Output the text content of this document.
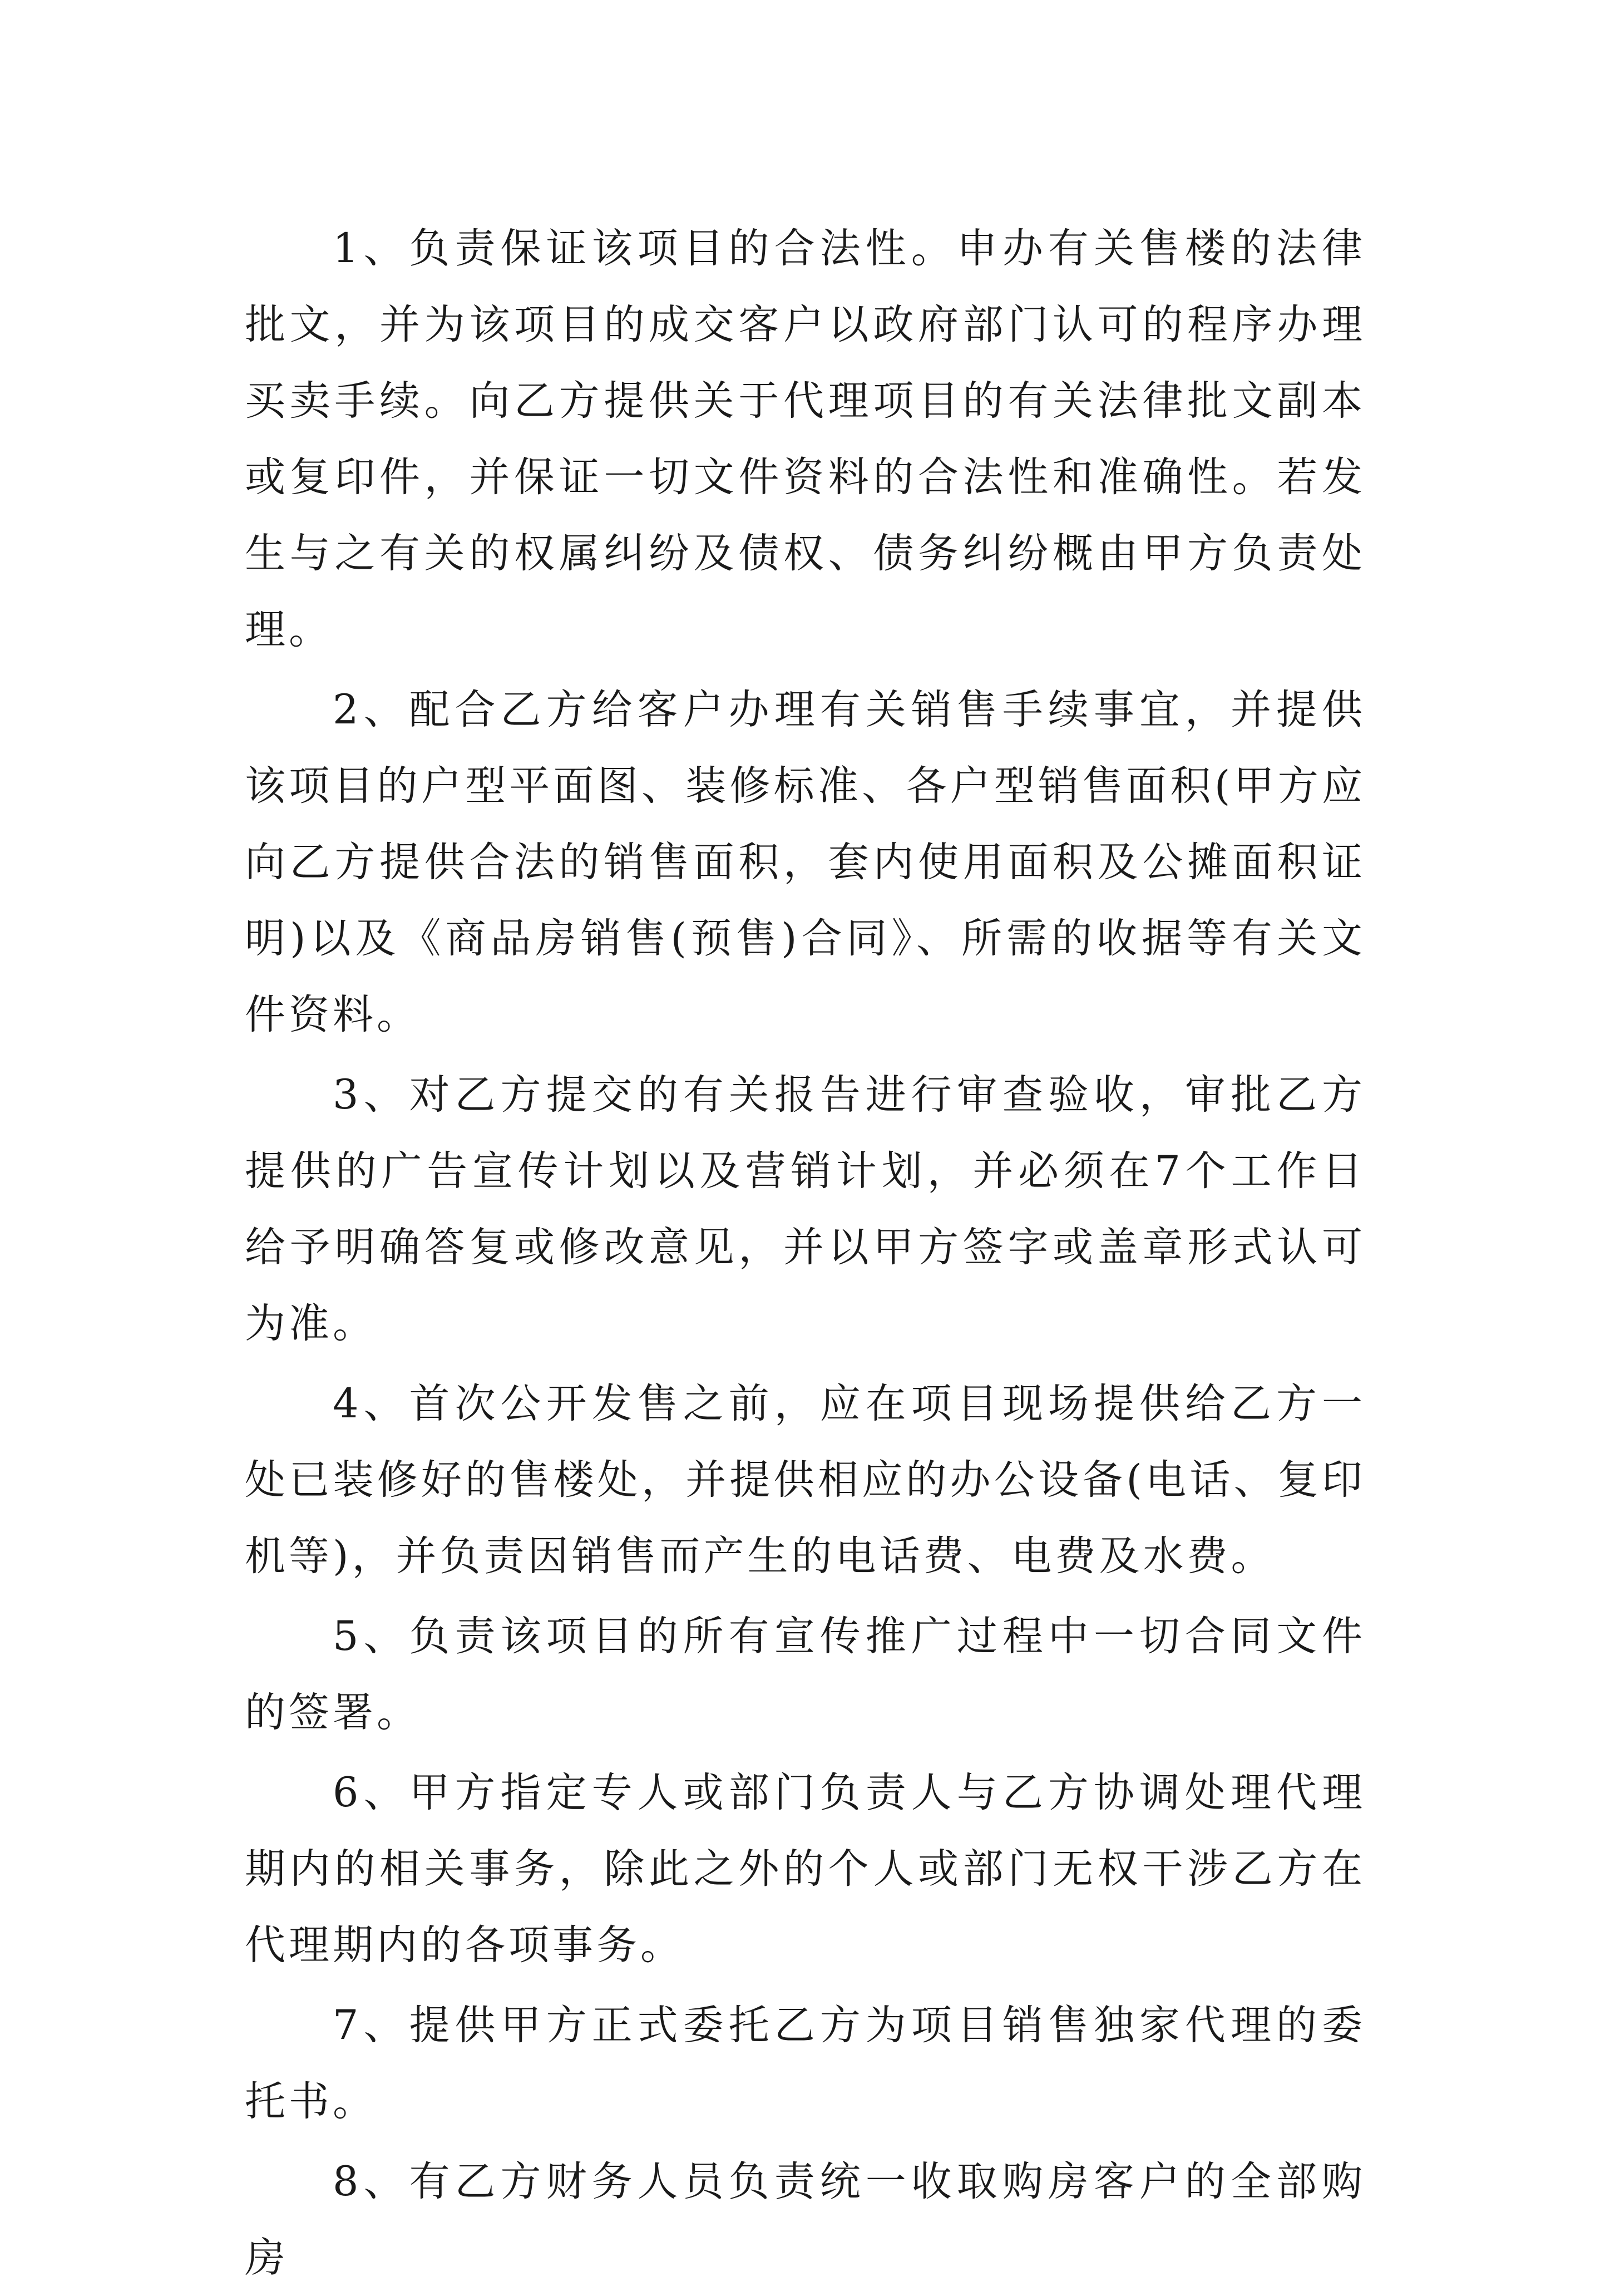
1、负责保证该项目的合法性。申办有关售楼的法律批文，并为该项目的成交客户以政府部门认可的程序办理买卖手续。向乙方提供关于代理项目的有关法律批文副本或复印件，并保证一切文件资料的合法性和准确性。若发生与之有关的权属纠纷及债权、债务纠纷概由甲方负责处理。

2、配合乙方给客户办理有关销售手续事宜，并提供该项目的户型平面图、装修标准、各户型销售面积(甲方应向乙方提供合法的销售面积，套内使用面积及公摊面积证明)以及《商品房销售(预售)合同》、所需的收据等有关文件资料。

3、对乙方提交的有关报告进行审查验收，审批乙方提供的广告宣传计划以及营销计划，并必须在7个工作日给予明确答复或修改意见，并以甲方签字或盖章形式认可为准。

4、首次公开发售之前，应在项目现场提供给乙方一处已装修好的售楼处，并提供相应的办公设备(电话、复印机等)，并负责因销售而产生的电话费、电费及水费。

5、负责该项目的所有宣传推广过程中一切合同文件的签署。

6、甲方指定专人或部门负责人与乙方协调处理代理期内的相关事务，除此之外的个人或部门无权干涉乙方在代理期内的各项事务。

7、提供甲方正式委托乙方为项目销售独家代理的委托书。

8、有乙方财务人员负责统一收取购房客户的全部购房
